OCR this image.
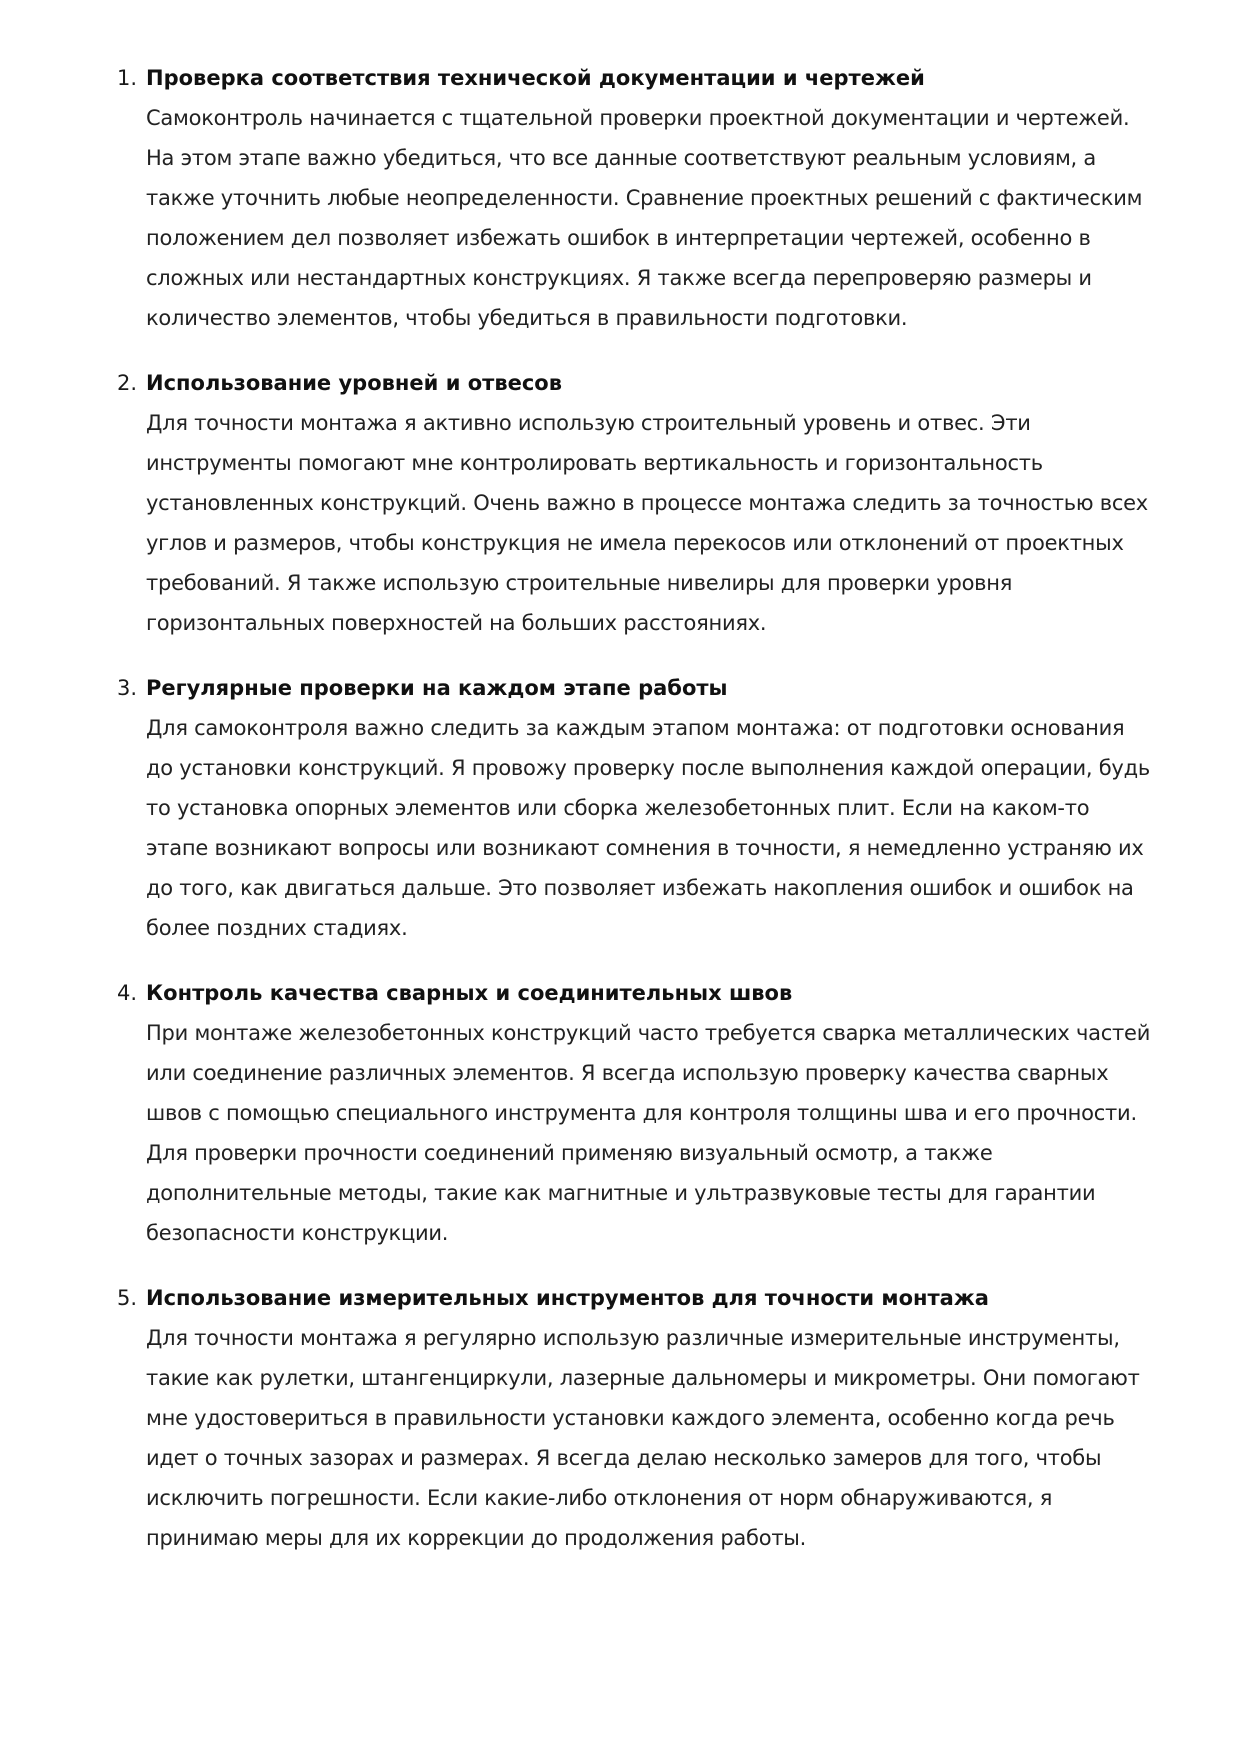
1. Проверка соответствия технической документации и чертежей

Самоконтроль начинается с тщательной проверки проектной документации и чертежей. На этом этапе важно убедиться, что все данные соответствуют реальным условиям, а также уточнить любые неопределенности. Сравнение проектных решений с фактическим положением дел позволяет избежать ошибок в интерпретации чертежей, особенно в сложных или нестандартных конструкциях. Я также всегда перепроверяю размеры и количество элементов, чтобы убедиться в правильности подготовки.

2. Использование уровней и отвесов

Для точности монтажа я активно использую строительный уровень и отвес. Эти инструменты помогают мне контролировать вертикальность и горизонтальность установленных конструкций. Очень важно в процессе монтажа следить за точностью всех углов и размеров, чтобы конструкция не имела перекосов или отклонений от проектных требований. Я также использую строительные нивелиры для проверки уровня горизонтальных поверхностей на больших расстояниях.

3. Регулярные проверки на каждом этапе работы

Для самоконтроля важно следить за каждым этапом монтажа: от подготовки основания до установки конструкций. Я провожу проверку после выполнения каждой операции, будь то установка опорных элементов или сборка железобетонных плит. Если на каком-то этапе возникают вопросы или возникают сомнения в точности, я немедленно устраняю их до того, как двигаться дальше. Это позволяет избежать накопления ошибок и ошибок на более поздних стадиях.

4. Контроль качества сварных и соединительных швов

При монтаже железобетонных конструкций часто требуется сварка металлических частей или соединение различных элементов. Я всегда использую проверку качества сварных швов с помощью специального инструмента для контроля толщины шва и его прочности. Для проверки прочности соединений применяю визуальный осмотр, а также дополнительные методы, такие как магнитные и ультразвуковые тесты для гарантии безопасности конструкции.

5. Использование измерительных инструментов для точности монтажа

Для точности монтажа я регулярно использую различные измерительные инструменты, такие как рулетки, штангенциркули, лазерные дальномеры и микрометры. Они помогают мне удостовериться в правильности установки каждого элемента, особенно когда речь идет о точных зазорах и размерах. Я всегда делаю несколько замеров для того, чтобы исключить погрешности. Если какие-либо отклонения от норм обнаруживаются, я принимаю меры для их коррекции до продолжения работы.
